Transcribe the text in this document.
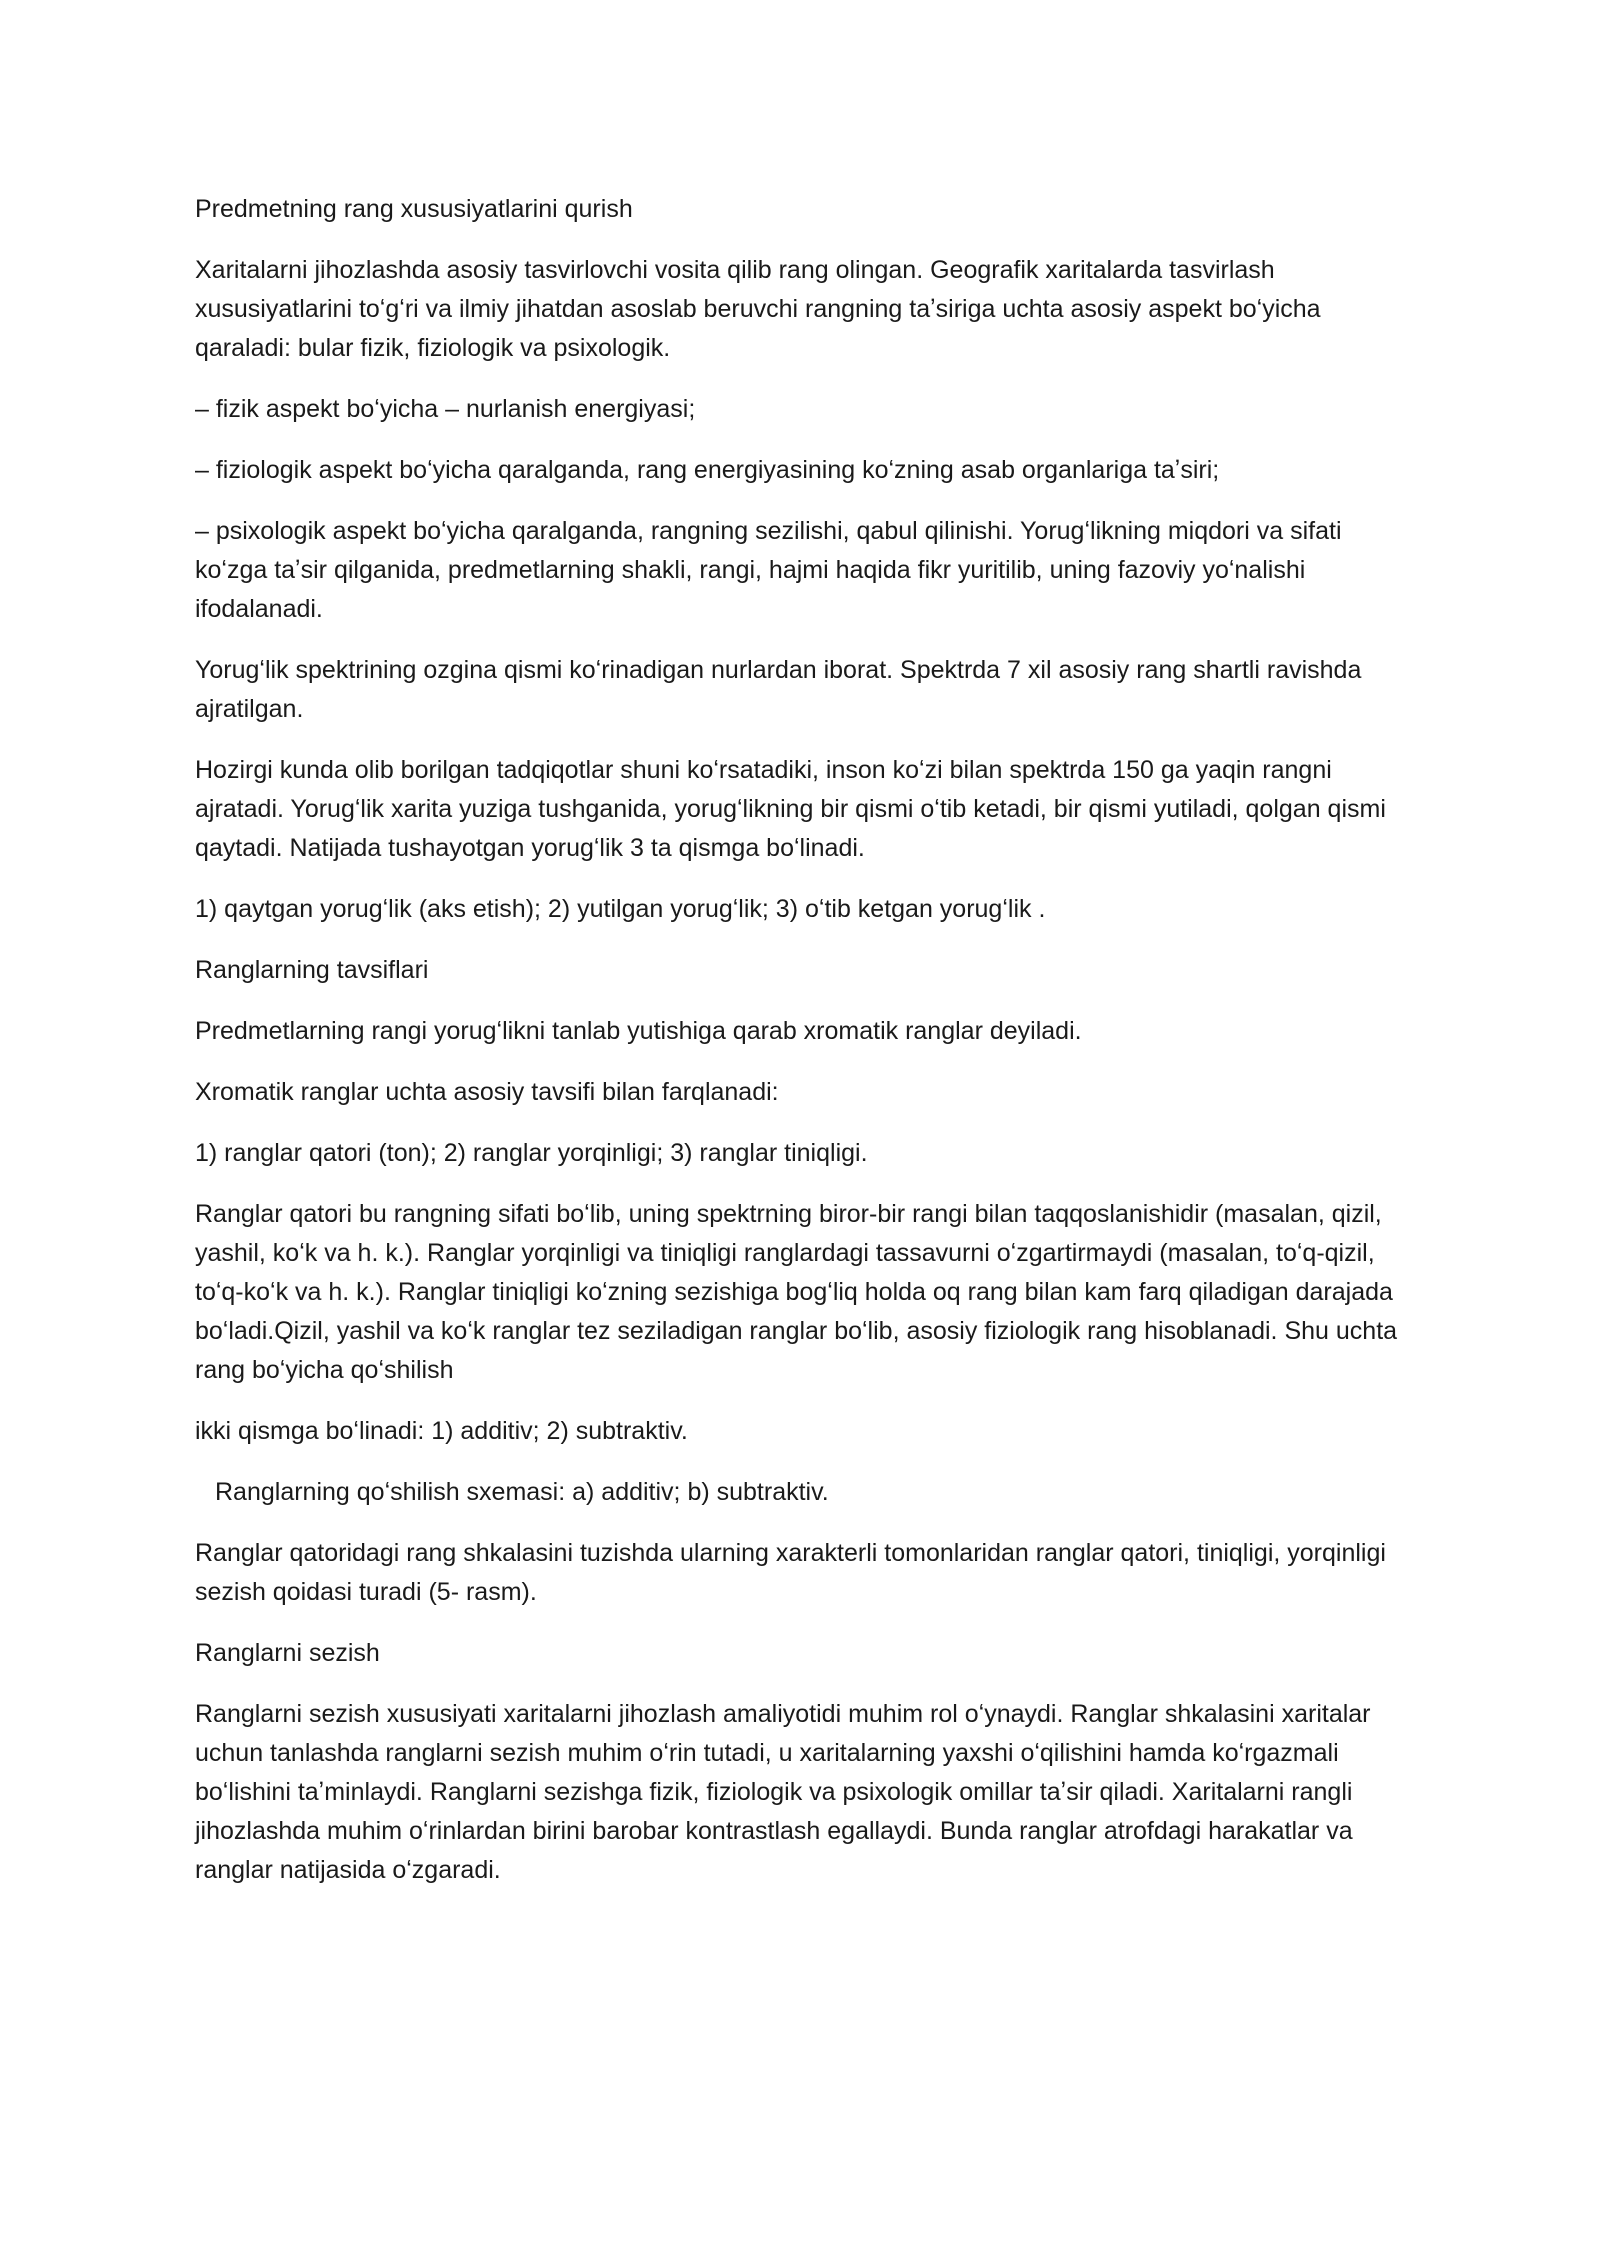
Predmetning rang xususiyatlarini qurish

Xaritalarni jihozlashda asosiy tasvirlovchi vosita qilib rang olingan. Geografik xaritalarda tasvirlash xususiyatlarini toʻgʻri va ilmiy jihatdan asoslab beruvchi rangning taʼsiriga uchta asosiy aspekt boʻyicha qaraladi: bular fizik, fiziologik va psixologik.

– fizik aspekt boʻyicha – nurlanish energiyasi;

– fiziologik aspekt boʻyicha qaralganda, rang energiyasining koʻzning asab organlariga taʼsiri;

– psixologik aspekt boʻyicha qaralganda, rangning sezilishi, qabul qilinishi. Yorugʻlikning miqdori va sifati koʻzga taʼsir qilganida, predmetlarning shakli, rangi, hajmi haqida fikr yuritilib, uning fazoviy yoʻnalishi ifodalanadi.

Yorugʻlik spektrining ozgina qismi koʻrinadigan nurlardan iborat. Spektrda 7 xil asosiy rang shartli ravishda ajratilgan.

Hozirgi kunda olib borilgan tadqiqotlar shuni koʻrsatadiki, inson koʻzi bilan spektrda 150 ga yaqin rangni ajratadi. Yorugʻlik xarita yuziga tushganida, yorugʻlikning bir qismi oʻtib ketadi, bir qismi yutiladi, qolgan qismi qaytadi. Natijada tushayotgan yorugʻlik 3 ta qismga boʻlinadi.

1) qaytgan yorugʻlik (aks etish); 2) yutilgan yorugʻlik; 3) oʻtib ketgan yorugʻlik .

Ranglarning tavsiflari

Predmetlarning rangi yorugʻlikni tanlab yutishiga qarab xromatik ranglar deyiladi.

Xromatik ranglar uchta asosiy tavsifi bilan farqlanadi:

1) ranglar qatori (ton); 2) ranglar yorqinligi; 3) ranglar tiniqligi.

Ranglar qatori bu rangning sifati boʻlib, uning spektrning biror-bir rangi bilan taqqoslanishidir (masalan, qizil, yashil, koʻk va h. k.). Ranglar yorqinligi va tiniqligi ranglardagi tassavurni oʻzgartirmaydi (masalan, toʻq-qizil, toʻq-koʻk va h. k.). Ranglar tiniqligi koʻzning sezishiga bogʻliq holda oq rang bilan kam farq qiladigan darajada boʻladi.Qizil, yashil va koʻk ranglar tez seziladigan ranglar boʻlib, asosiy fiziologik rang hisoblanadi. Shu uchta rang boʻyicha qoʻshilish

ikki qismga boʻlinadi: 1) additiv; 2) subtraktiv.

Ranglarning qoʻshilish sxemasi: a) additiv; b) subtraktiv.

Ranglar qatoridagi rang shkalasini tuzishda ularning xarakterli tomonlaridan ranglar qatori, tiniqligi, yorqinligi sezish qoidasi turadi (5- rasm).

Ranglarni sezish

Ranglarni sezish xususiyati xaritalarni jihozlash amaliyotidi muhim rol oʻynaydi. Ranglar shkalasini xaritalar uchun tanlashda ranglarni sezish muhim oʻrin tutadi, u xaritalarning yaxshi oʻqilishini hamda koʻrgazmali boʻlishini taʼminlaydi. Ranglarni sezishga fizik, fiziologik va psixologik omillar taʼsir qiladi. Xaritalarni rangli jihozlashda muhim oʻrinlardan birini barobar kontrastlash egallaydi. Bunda ranglar atrofdagi harakatlar va ranglar natijasida oʻzgaradi.
